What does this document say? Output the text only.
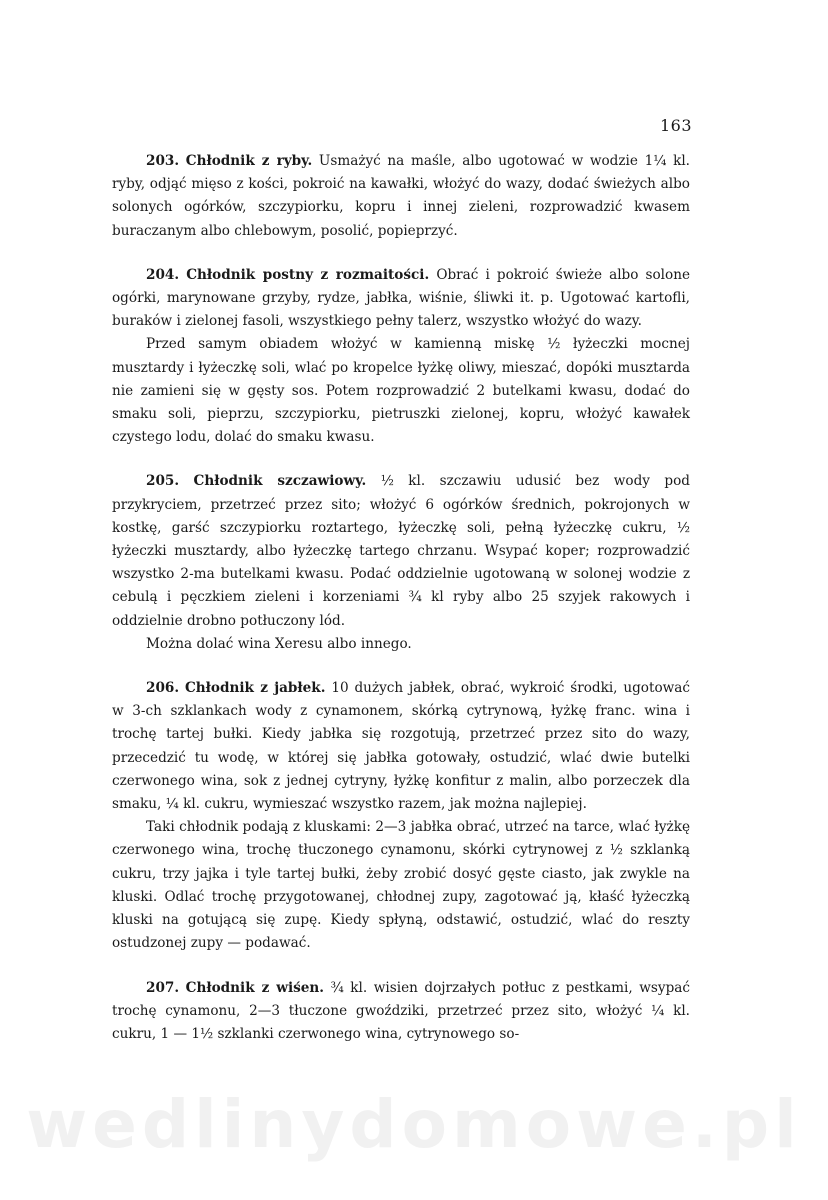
163

203. Chłodnik z ryby. Usmażyć na maśle, albo ugotować w wodzie 1¼ kl. ryby, odjąć mięso z kości, pokroić na kawałki, włożyć do wazy, dodać świeżych albo solonych ogórków, szczypiorku, kopru i innej zieleni, rozprowadzić kwasem buraczanym albo chlebowym, posolić, popieprzyć.

204. Chłodnik postny z rozmaitości. Obrać i pokroić świeże albo solone ogórki, marynowane grzyby, rydze, jabłka, wiśnie, śliwki it. p. Ugotować kartofli, buraków i zielonej fasoli, wszystkiego pełny talerz, wszystko włożyć do wazy.

Przed samym obiadem włożyć w kamienną miskę ½ łyżeczki mocnej musztardy i łyżeczkę soli, wlać po kropelce łyżkę oliwy, mieszać, dopóki musztarda nie zamieni się w gęsty sos. Potem rozprowadzić 2 butelkami kwasu, dodać do smaku soli, pieprzu, szczypiorku, pietruszki zielonej, kopru, włożyć kawałek czystego lodu, dolać do smaku kwasu.

205. Chłodnik szczawiowy. ½ kl. szczawiu udusić bez wody pod przykryciem, przetrzeć przez sito; włożyć 6 ogórków średnich, pokrojonych w kostkę, garść szczypiorku roztartego, łyżeczkę soli, pełną łyżeczkę cukru, ½ łyżeczki musztardy, albo łyżeczkę tartego chrzanu. Wsypać koper; rozprowadzić wszystko 2-ma butelkami kwasu. Podać oddzielnie ugotowaną w solonej wodzie z cebulą i pęczkiem zieleni i korzeniami ¾ kl ryby albo 25 szyjek rakowych i oddzielnie drobno potłuczony lód.

Można dolać wina Xeresu albo innego.

206. Chłodnik z jabłek. 10 dużych jabłek, obrać, wykroić środki, ugotować w 3-ch szklankach wody z cynamonem, skórką cytrynową, łyżkę franc. wina i trochę tartej bułki. Kiedy jabłka się rozgotują, przetrzeć przez sito do wazy, przecedzić tu wodę, w której się jabłka gotowały, ostudzić, wlać dwie butelki czerwonego wina, sok z jednej cytryny, łyżkę konfitur z malin, albo porzeczek dla smaku, ¼ kl. cukru, wymieszać wszystko razem, jak można najlepiej.

Taki chłodnik podają z kluskami: 2—3 jabłka obrać, utrzeć na tarce, wlać łyżkę czerwonego wina, trochę tłuczonego cynamonu, skórki cytrynowej z ½ szklanką cukru, trzy jajka i tyle tartej bułki, żeby zrobić dosyć gęste ciasto, jak zwykle na kluski. Odlać trochę przygotowanej, chłodnej zupy, zagotować ją, kłaść łyżeczką kluski na gotującą się zupę. Kiedy spłyną, odstawić, ostudzić, wlać do reszty ostudzonej zupy — podawać.

207. Chłodnik z wiśen. ¾ kl. wisien dojrzałych potłuc z pestkami, wsypać trochę cynamonu, 2—3 tłuczone gwoździki, przetrzeć przez sito, włożyć ¼ kl. cukru, 1 — 1½ szklanki czerwonego wina, cytrynowego so-

wedlinydomowe.pl
